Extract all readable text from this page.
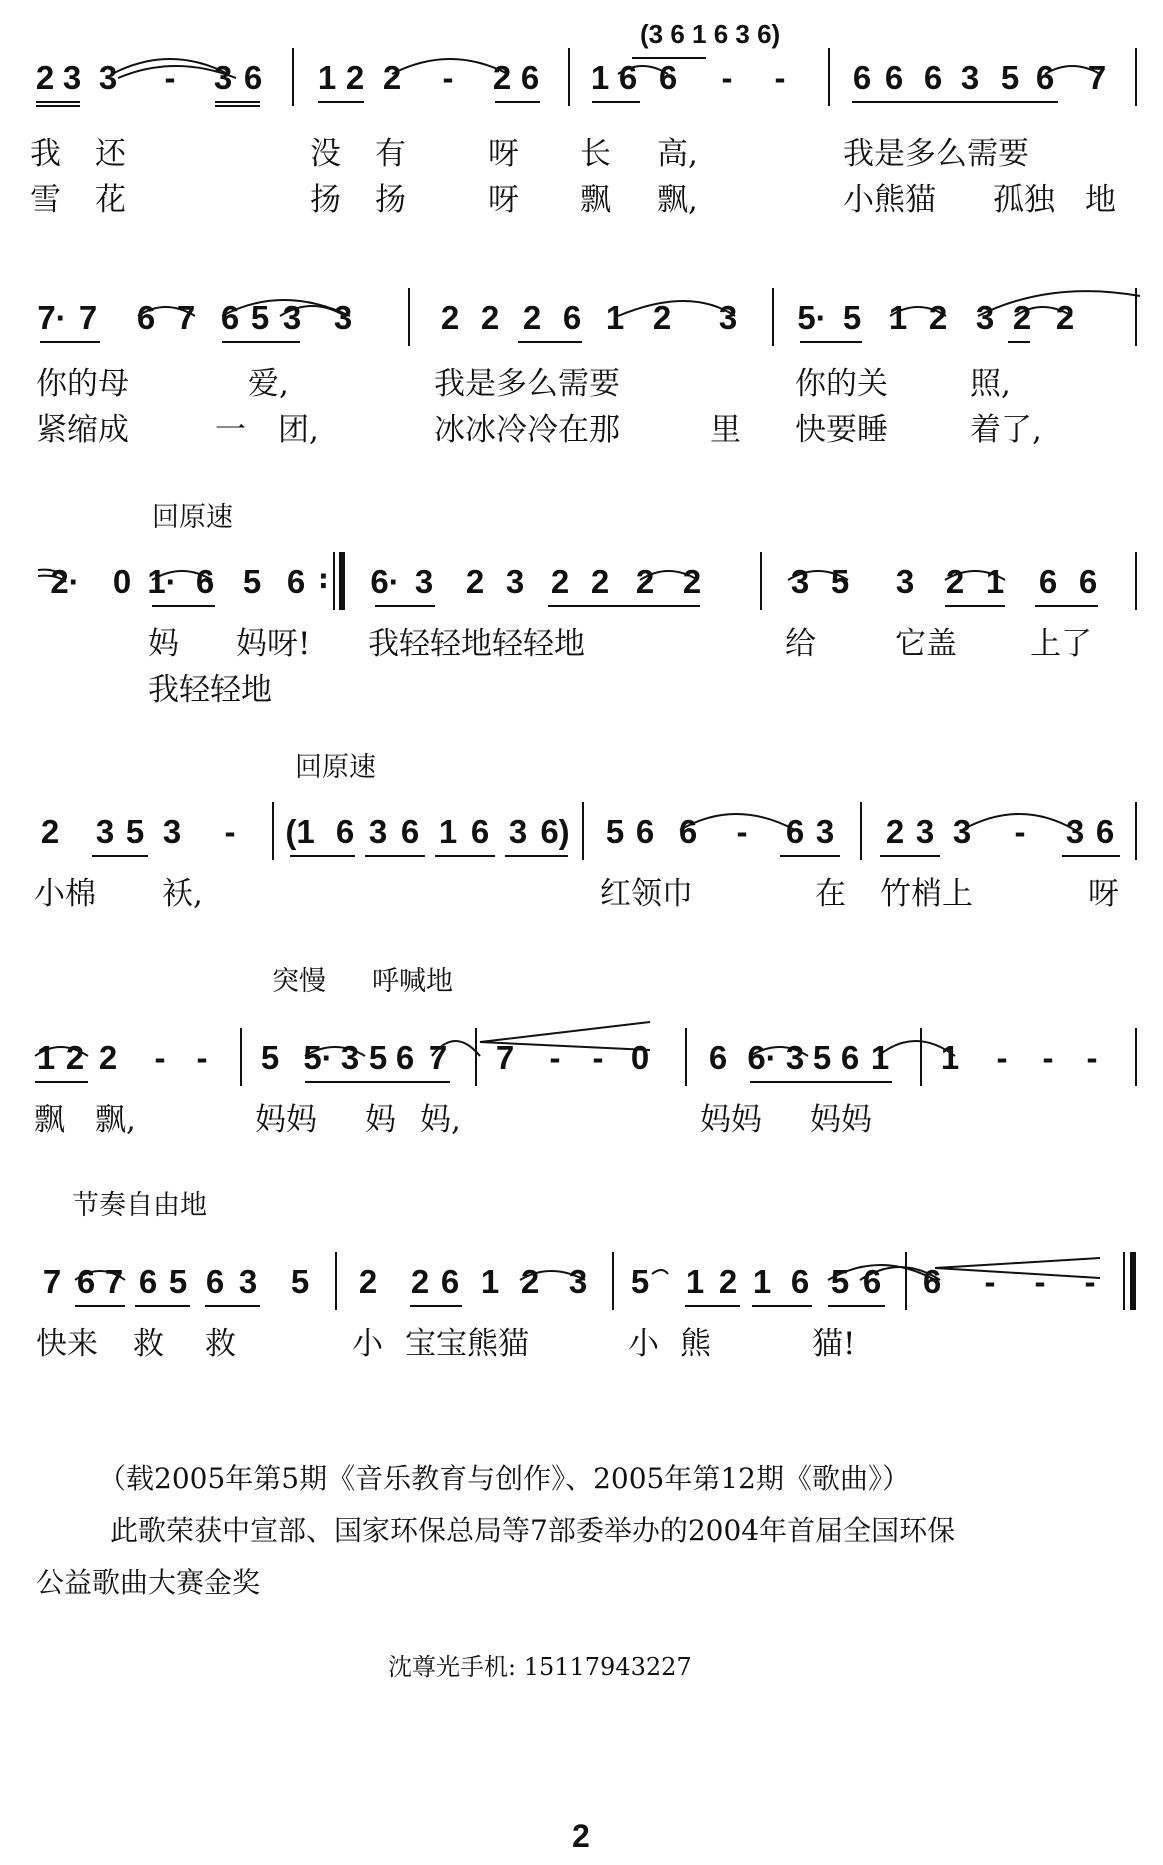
(3 6 1 6 3 6)
2 3 3 - 3 6 1 2 2 - 2 6 1 6 6 - - 6 6 6 3 5 6 7
我 还	没 有	呀 长 高,	我是多么需要
雪 花	扬 扬	呀 飘 飘,	小熊猫 孤独 地
7· 7 6 7 6 5 3 3	2 2 2 6 1 2 3 5· 5 1 2 3 2 2
你的母	爱,	我是多么需要	你的关	照,
紧缩成	一 团,	冰冰冷冷在那	里 快要睡	着了,
回原速
2· 0 1· 6 5 6 : 6· 3 2 3 2 2 2 2	3 5 3 2 1 6 6
妈 妈呀! 我轻轻地轻轻地	给	它盖 上了
我轻轻地
回原速
2 3 5 3 - (1 6 3 6 1 6 3 6) 5 6 6 - 6 3 2 3 3 - 3 6
小棉 袄,	红领巾	在 竹梢上	呀
突慢 呼喊地
1 2 2 - - 5 5· 3 5 6 7 7 - - 0 6 6· 3 5 6 1 1 - - -
飘 飘,	妈妈 妈 妈,	妈妈 妈妈
节奏自由地
7 6 7 6 5 6 3 5 2 2 6 1 2 3 5 1 2 1 6 5 6 6 - - -
快来 救 救	小 宝宝熊猫	小 熊	猫!
（载2005年第5期《音乐教育与创作》、2005年第12期《歌曲》）
此歌荣获中宣部、国家环保总局等7部委举办的2004年首届全国环保
公益歌曲大赛金奖
沈尊光手机: 15117943227
2
